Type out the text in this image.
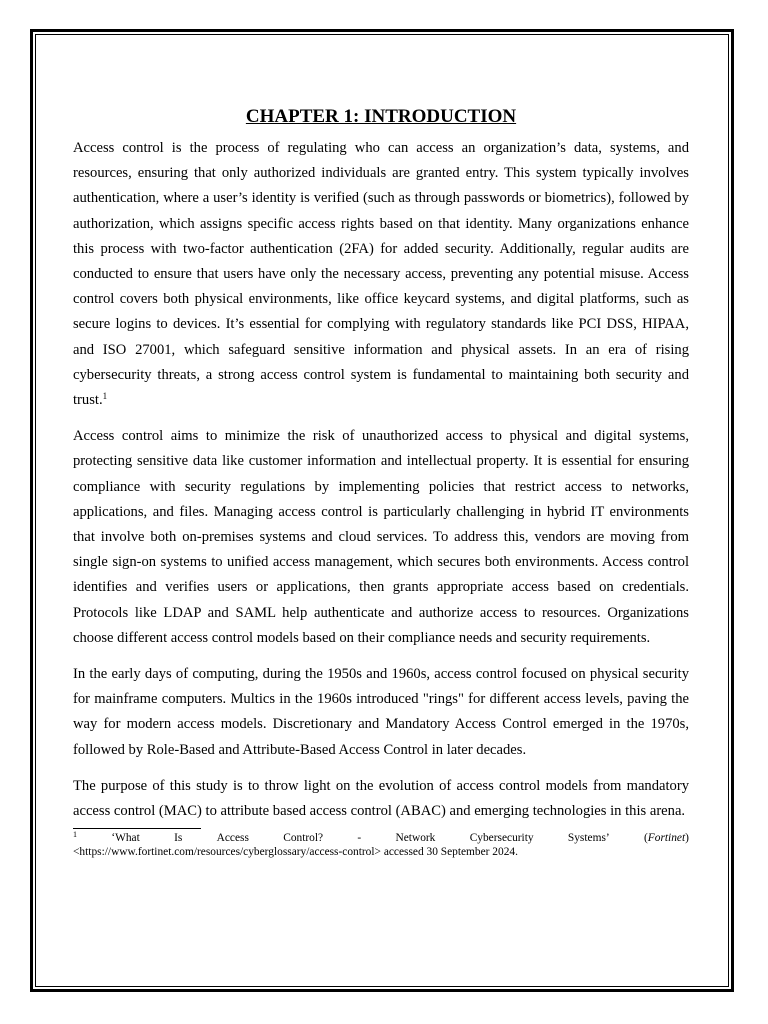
CHAPTER 1: INTRODUCTION

Access control is the process of regulating who can access an organization’s data, systems, and resources, ensuring that only authorized individuals are granted entry. This system typically involves authentication, where a user’s identity is verified (such as through passwords or biometrics), followed by authorization, which assigns specific access rights based on that identity. Many organizations enhance this process with two-factor authentication (2FA) for added security. Additionally, regular audits are conducted to ensure that users have only the necessary access, preventing any potential misuse. Access control covers both physical environments, like office keycard systems, and digital platforms, such as secure logins to devices. It’s essential for complying with regulatory standards like PCI DSS, HIPAA, and ISO 27001, which safeguard sensitive information and physical assets. In an era of rising cybersecurity threats, a strong access control system is fundamental to maintaining both security and trust.$^1$

Access control aims to minimize the risk of unauthorized access to physical and digital systems, protecting sensitive data like customer information and intellectual property. It is essential for ensuring compliance with security regulations by implementing policies that restrict access to networks, applications, and files. Managing access control is particularly challenging in hybrid IT environments that involve both on-premises systems and cloud services. To address this, vendors are moving from single sign-on systems to unified access management, which secures both environments. Access control identifies and verifies users or applications, then grants appropriate access based on credentials. Protocols like LDAP and SAML help authenticate and authorize access to resources. Organizations choose different access control models based on their compliance needs and security requirements.

In the early days of computing, during the 1950s and 1960s, access control focused on physical security for mainframe computers. Multics in the 1960s introduced "rings" for different access levels, paving the way for modern access models. Discretionary and Mandatory Access Control emerged in the 1970s, followed by Role-Based and Attribute-Based Access Control in later decades.

The purpose of this study is to throw light on the evolution of access control models from mandatory access control (MAC) to attribute based access control (ABAC) and emerging technologies in this arena.

$^1$	‘What	Is	Access	Control?	-	Network	Cybersecurity	Systems’	(Fortinet)
<https://www.fortinet.com/resources/cyberglossary/access-control> accessed 30 September 2024.
